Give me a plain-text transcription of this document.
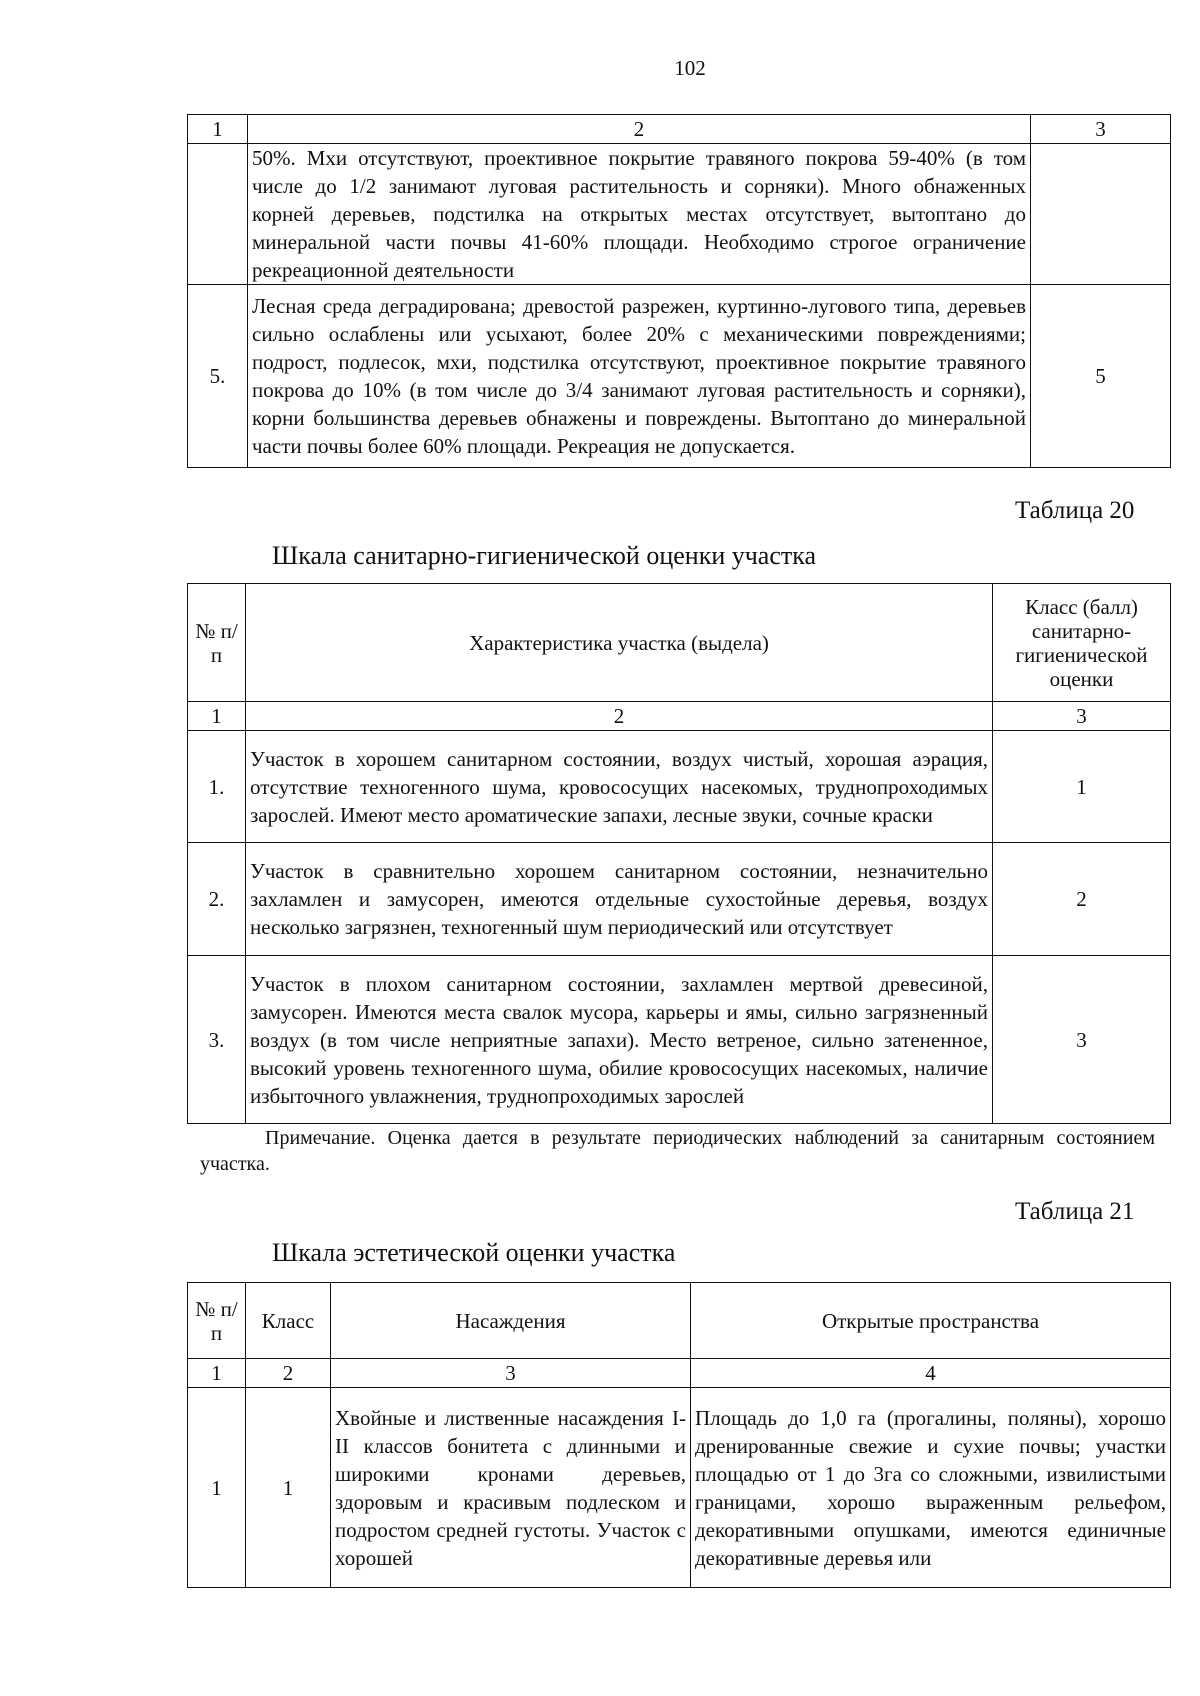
102
1	2	3
	50%. Мхи отсутствуют, проективное покрытие травяного покрова 59-40% (в том числе до 1/2 занимают луговая растительность и сорняки). Много обнаженных корней деревьев, подстилка на открытых местах отсутствует, вытоптано до минеральной части почвы 41-60% площади. Необходимо строгое ограничение рекреационной деятельности	
5.	Лесная среда деградирована; древостой разрежен, куртинно-лугового типа, деревьев сильно ослаблены или усыхают, более 20% с механическими повреждениями; подрост, подлесок, мхи, подстилка отсутствуют, проективное покрытие травяного покрова до 10% (в том числе до 3/4 занимают луговая растительность и сорняки), корни большинства деревьев обнажены и повреждены. Вытоптано до минеральной части почвы более 60% площади. Рекреация не допускается.	5
Таблица 20
Шкала санитарно-гигиенической оценки участка
№ п/п	Характеристика участка (выдела)	Класс (балл) санитарно-гигиенической оценки
1	2	3
1.	Участок в хорошем санитарном состоянии, воздух чистый, хорошая аэрация, отсутствие техногенного шума, кровососущих насекомых, труднопроходимых зарослей. Имеют место ароматические запахи, лесные звуки, сочные краски	1
2.	Участок в сравнительно хорошем санитарном состоянии, незначительно захламлен и замусорен, имеются отдельные сухостойные деревья, воздух несколько загрязнен, техногенный шум периодический или отсутствует	2
3.	Участок в плохом санитарном состоянии, захламлен мертвой древесиной, замусорен. Имеются места свалок мусора, карьеры и ямы, сильно загрязненный воздух (в том числе неприятные запахи). Место ветреное, сильно затененное, высокий уровень техногенного шума, обилие кровососущих насекомых, наличие избыточного увлажнения, труднопроходимых зарослей	3
Примечание. Оценка дается в результате периодических наблюдений за санитарным состоянием участка.
Таблица 21
Шкала эстетической оценки участка
№ п/п	Класс	Насаждения	Открытые пространства
1	2	3	4
1	1	Хвойные и лиственные насаждения I-II классов бонитета с длинными и широкими кронами деревьев, здоровым и красивым подлеском и подростом средней густоты. Участок с хорошей	Площадь до 1,0 га (прогалины, поляны), хорошо дренированные свежие и сухие почвы; участки площадью от 1 до 3га со сложными, извилистыми границами, хорошо выраженным рельефом, декоративными опушками, имеются единичные декоративные деревья или
